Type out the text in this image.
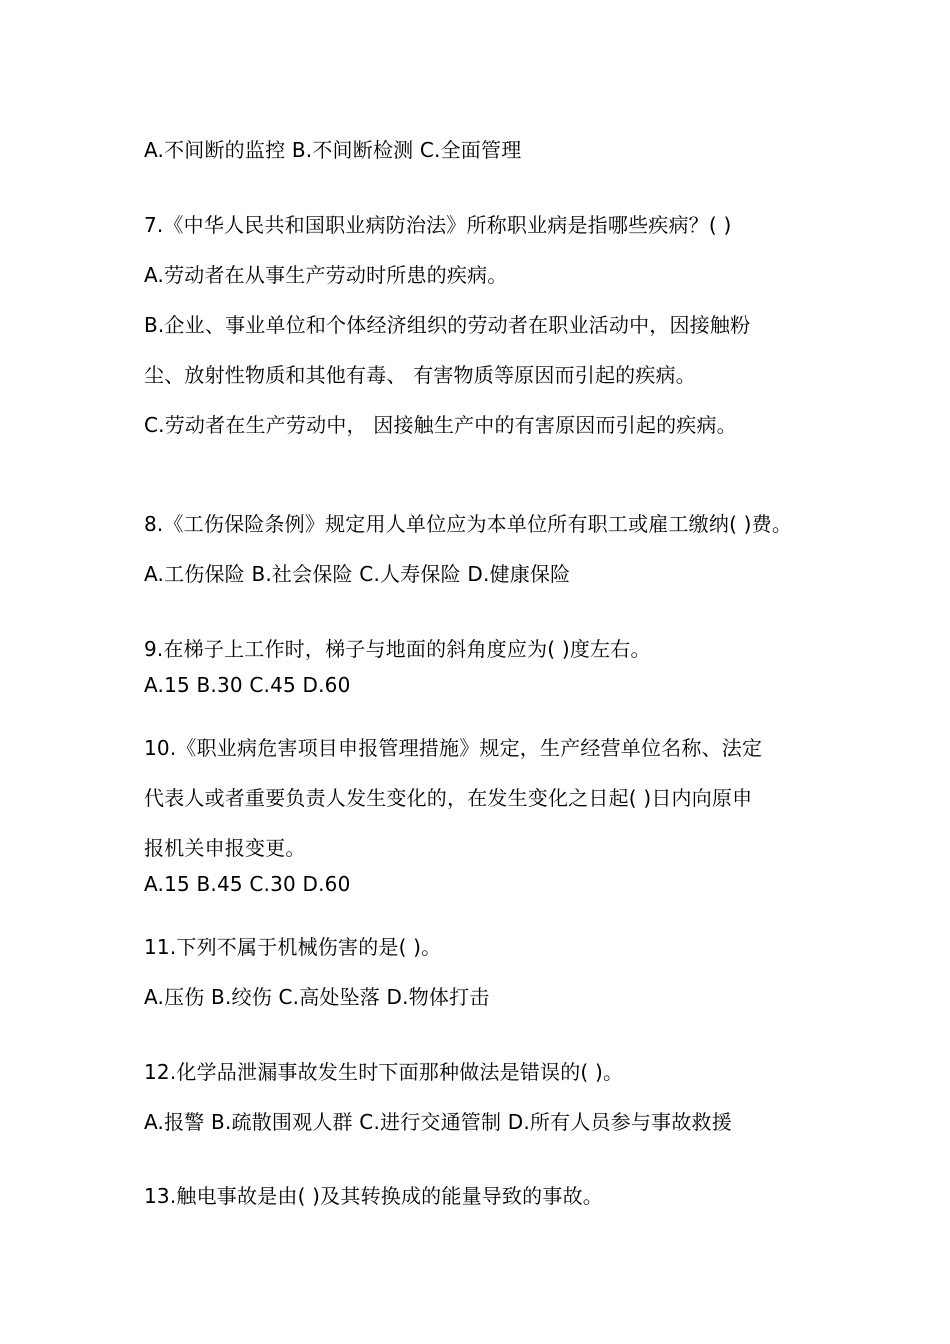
A.不间断的监控 B.不间断检测 C.全面管理
7.《中华人民共和国职业病防治法》所称职业病是指哪些疾病？( )
A.劳动者在从事生产劳动时所患的疾病。
B.企业、事业单位和个体经济组织的劳动者在职业活动中，因接触粉
尘、放射性物质和其他有毒、 有害物质等原因而引起的疾病。
C.劳动者在生产劳动中， 因接触生产中的有害原因而引起的疾病。
8.《工伤保险条例》规定用人单位应为本单位所有职工或雇工缴纳( )费。
A.工伤保险 B.社会保险 C.人寿保险 D.健康保险
9.在梯子上工作时，梯子与地面的斜角度应为( )度左右。
A.15 B.30 C.45 D.60
10.《职业病危害项目申报管理措施》规定，生产经营单位名称、法定
代表人或者重要负责人发生变化的，在发生变化之日起( )日内向原申
报机关申报变更。
A.15 B.45 C.30 D.60
11.下列不属于机械伤害的是( )。
A.压伤 B.绞伤 C.高处坠落 D.物体打击
12.化学品泄漏事故发生时下面那种做法是错误的( )。
A.报警 B.疏散围观人群 C.进行交通管制 D.所有人员参与事故救援
13.触电事故是由( )及其转换成的能量导致的事故。
